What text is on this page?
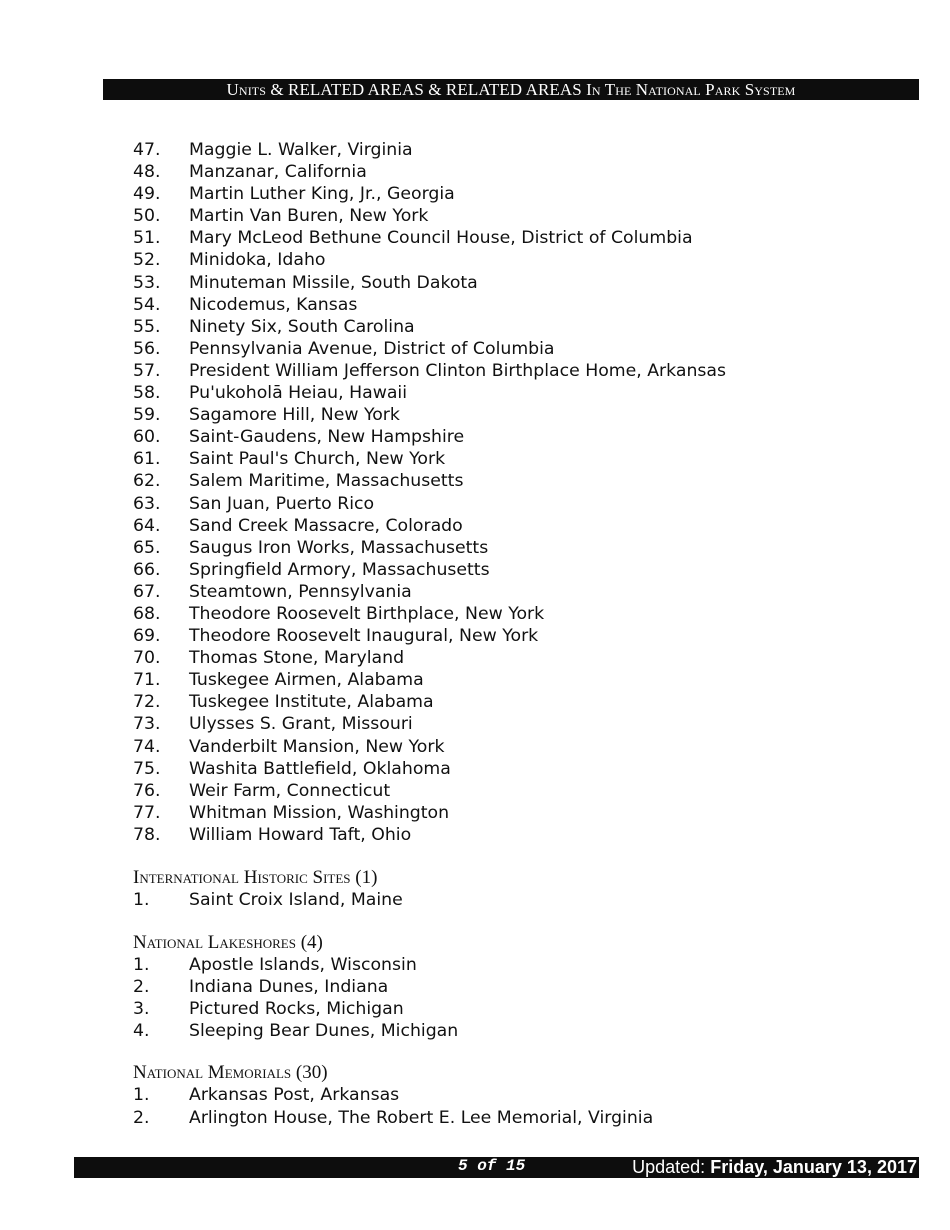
Units & RELATED AREAS & RELATED AREAS In The National Park System
47.	Maggie L. Walker, Virginia
48.	Manzanar, California
49.	Martin Luther King, Jr., Georgia
50.	Martin Van Buren, New York
51.	Mary McLeod Bethune Council House, District of Columbia
52.	Minidoka, Idaho
53.	Minuteman Missile, South Dakota
54.	Nicodemus, Kansas
55.	Ninety Six, South Carolina
56.	Pennsylvania Avenue, District of Columbia
57.	President William Jefferson Clinton Birthplace Home, Arkansas
58.	Pu'ukoholā Heiau, Hawaii
59.	Sagamore Hill, New York
60.	Saint-Gaudens, New Hampshire
61.	Saint Paul's Church, New York
62.	Salem Maritime, Massachusetts
63.	San Juan, Puerto Rico
64.	Sand Creek Massacre, Colorado
65.	Saugus Iron Works, Massachusetts
66.	Springfield Armory, Massachusetts
67.	Steamtown, Pennsylvania
68.	Theodore Roosevelt Birthplace, New York
69.	Theodore Roosevelt Inaugural, New York
70.	Thomas Stone, Maryland
71.	Tuskegee Airmen, Alabama
72.	Tuskegee Institute, Alabama
73.	Ulysses S. Grant, Missouri
74.	Vanderbilt Mansion, New York
75.	Washita Battlefield, Oklahoma
76.	Weir Farm, Connecticut
77.	Whitman Mission, Washington
78.	William Howard Taft, Ohio
International Historic Sites (1)
1.	Saint Croix Island, Maine
National Lakeshores (4)
1.	Apostle Islands, Wisconsin
2.	Indiana Dunes, Indiana
3.	Pictured Rocks, Michigan
4.	Sleeping Bear Dunes, Michigan
National Memorials (30)
1.	Arkansas Post, Arkansas
2.	Arlington House, The Robert E. Lee Memorial, Virginia
5 of 15	Updated: Friday, January 13, 2017
